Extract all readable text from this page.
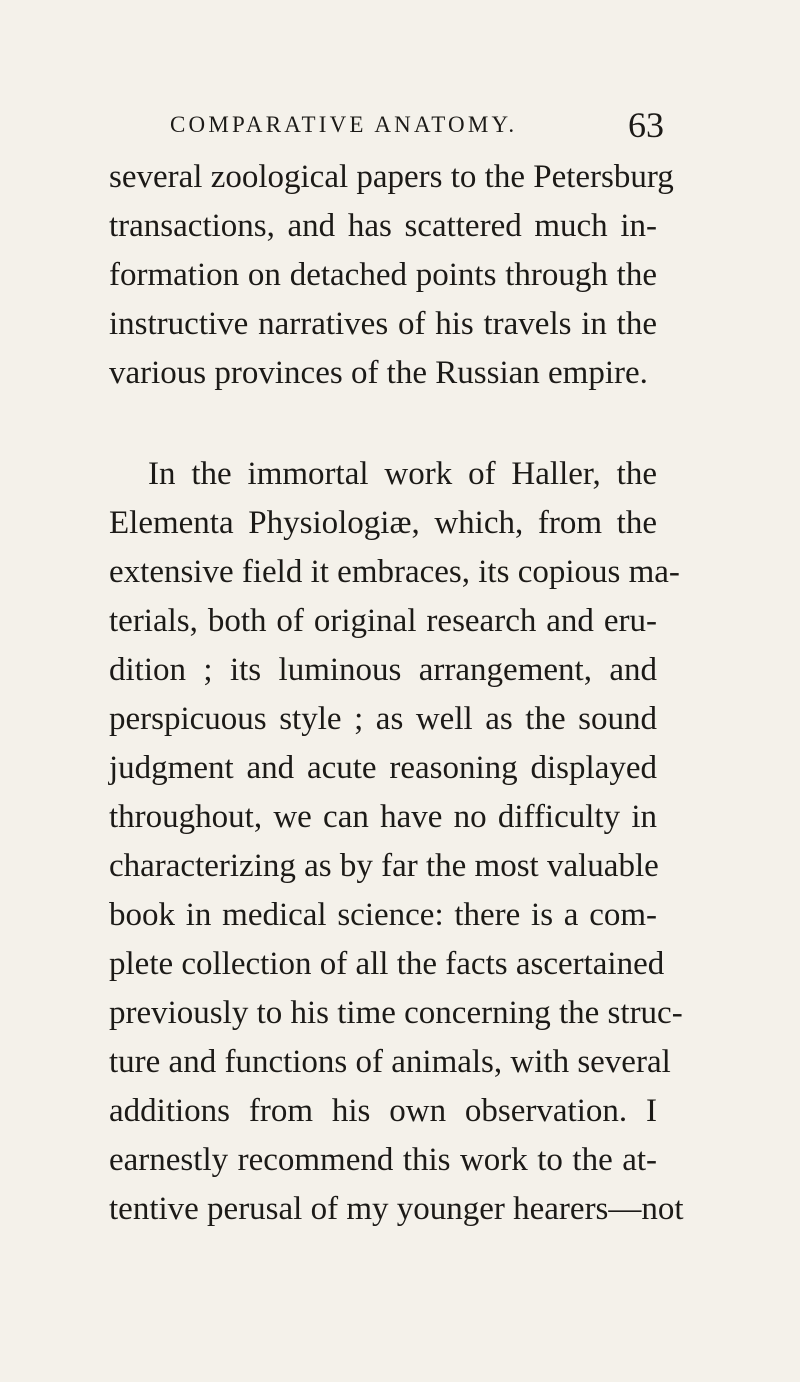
COMPARATIVE ANATOMY.	63
several zoological papers to the Petersburg
transactions, and has scattered much in-
formation on detached points through the
instructive narratives of his travels in the
various provinces of the Russian empire.
In the immortal work of Haller, the
Elementa Physiologiæ, which, from the
extensive field it embraces, its copious ma-
terials, both of original research and eru-
dition ; its luminous arrangement, and
perspicuous style ; as well as the sound
judgment and acute reasoning displayed
throughout, we can have no difficulty in
characterizing as by far the most valuable
book in medical science: there is a com-
plete collection of all the facts ascertained
previously to his time concerning the struc-
ture and functions of animals, with several
additions from his own observation. I
earnestly recommend this work to the at-
tentive perusal of my younger hearers—not
